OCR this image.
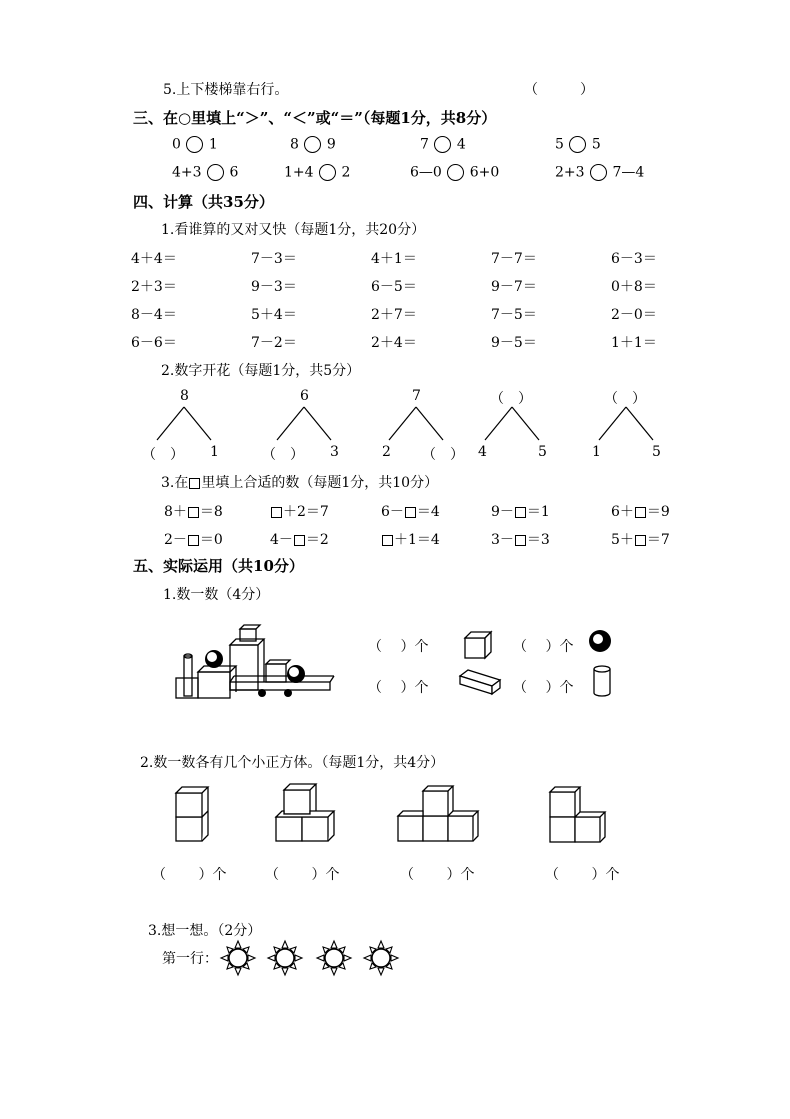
5.上下楼梯靠右行。	（　　　）
三、在○里填上“＞”、“＜”或“＝”（每题1分，共8分）
0 1	8 9	7 4	5 5
4+3 6	1+4 2	6—0 6+0	2+3 7—4
四、计算（共35分）
1.看谁算的又对又快（每题1分，共20分）
4＋4＝	7－3＝	4＋1＝	7－7＝	6－3＝
2＋3＝	9－3＝	6－5＝	9－7＝	0＋8＝
8－4＝	5＋4＝	2＋7＝	7－5＝	2－0＝
6－6＝	7－2＝	2＋4＝	9－5＝	1＋1＝
2.数字开花（每题1分，共5分）
8
（　） 1
6
（　） 3
7
2 （　）
（　）
4	5
（　）
1	5
3.在 里填上合适的数（每题1分，共10分）
8＋ ＝8	＋2＝7	6－ ＝4	9－ ＝1	6＋ ＝9
2－ ＝0	4－ ＝2	＋1＝4	3－ ＝3	5＋ ＝7
五、实际运用（共10分）
1.数一数（4分）
（　 ）个	（　 ）个
（　 ）个	（　 ）个
2.数一数各有几个小正方体。（每题1分，共4分）
（　　 ）个	（　　 ）个	（　　 ）个	（　　 ）个
3.想一想。（2分）
第一行：
